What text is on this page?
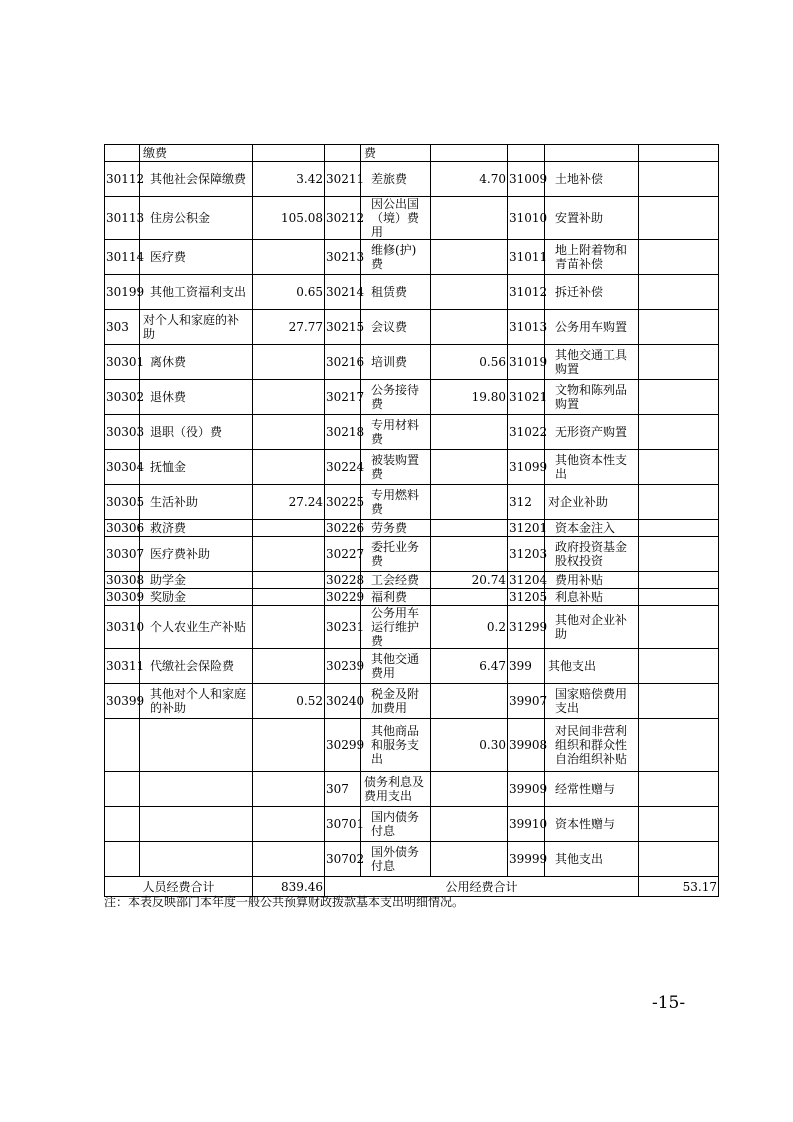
	缴费			费				
30112	其他社会保障缴费	3.42	30211	差旅费	4.70	31009	土地补偿	
30113	住房公积金	105.08	30212	因公出国（境）费用		31010	安置补助	
30114	医疗费		30213	维修(护)费		31011	地上附着物和青苗补偿	
30199	其他工资福利支出	0.65	30214	租赁费		31012	拆迁补偿	
303	对个人和家庭的补助	27.77	30215	会议费		31013	公务用车购置	
30301	离休费		30216	培训费	0.56	31019	其他交通工具购置	
30302	退休费		30217	公务接待费	19.80	31021	文物和陈列品购置	
30303	退职（役）费		30218	专用材料费		31022	无形资产购置	
30304	抚恤金		30224	被装购置费		31099	其他资本性支出	
30305	生活补助	27.24	30225	专用燃料费		312	对企业补助	
30306	救济费		30226	劳务费		31201	资本金注入	
30307	医疗费补助		30227	委托业务费		31203	政府投资基金股权投资	
30308	助学金		30228	工会经费	20.74	31204	费用补贴	
30309	奖励金		30229	福利费		31205	利息补贴	
30310	个人农业生产补贴		30231	公务用车运行维护费	0.2	31299	其他对企业补助	
30311	代缴社会保险费		30239	其他交通费用	6.47	399	其他支出	
30399	其他对个人和家庭的补助	0.52	30240	税金及附加费用		39907	国家赔偿费用支出	
			30299	其他商品和服务支出	0.30	39908	对民间非营利组织和群众性自治组织补贴	
			307	债务利息及费用支出		39909	经常性赠与	
			30701	国内债务付息		39910	资本性赠与	
			30702	国外债务付息		39999	其他支出	
人员经费合计		839.46	公用经费合计					53.17
注：本表反映部门本年度一般公共预算财政拨款基本支出明细情况。
-15-
